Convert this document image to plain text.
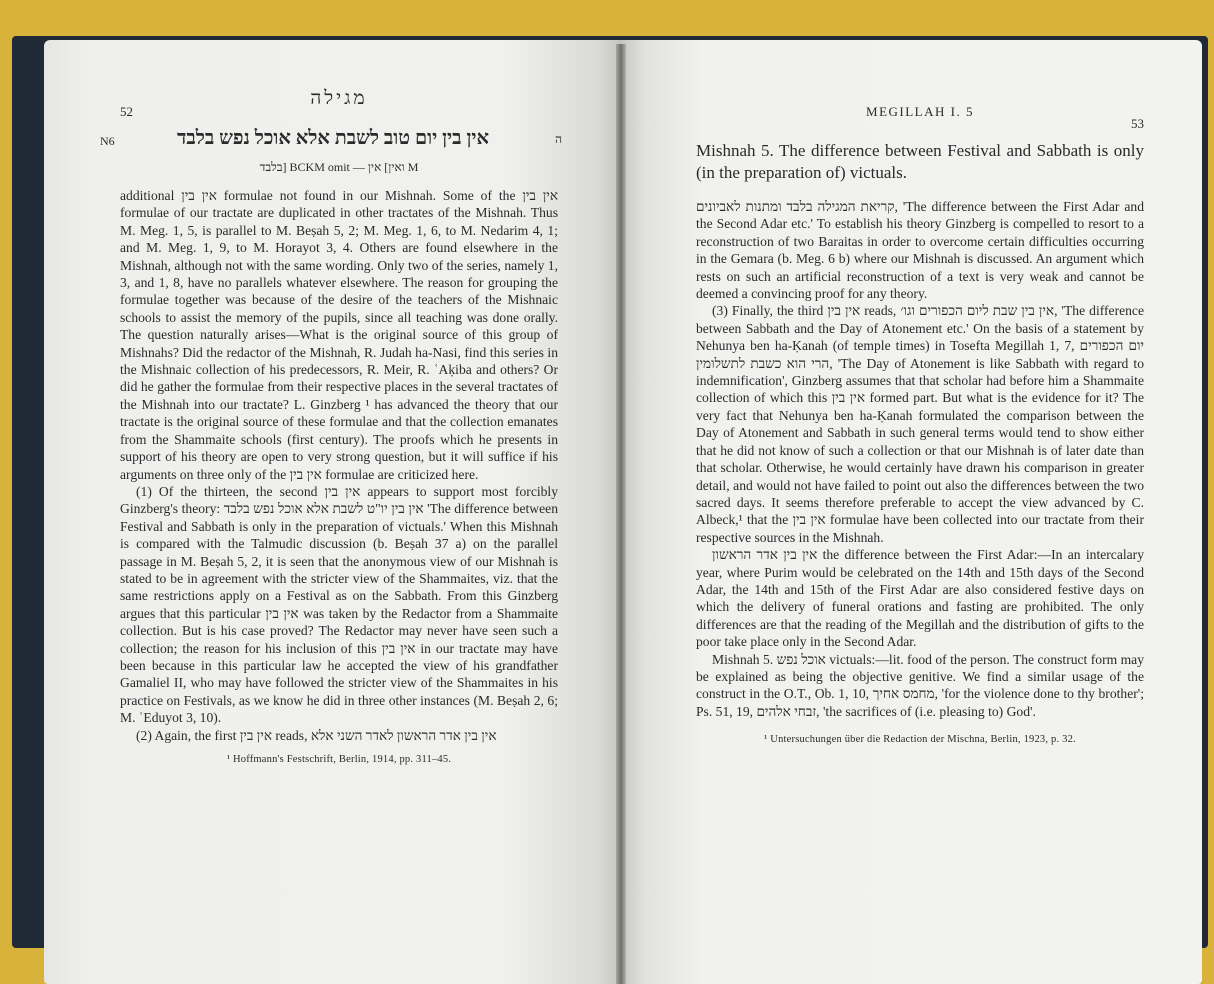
52
מגילה
N6	אין בין יום טוב לשבת אלא אוכל נפש בלבד	ה
M ואין] אין — BCKM omit [בלבד

additional אין בין formulae not found in our Mishnah. Some of the אין בין formulae of our tractate are duplicated in other tractates of the Mishnah. Thus M. Meg. 1, 5, is parallel to M. Beṣah 5, 2; M. Meg. 1, 6, to M. Nedarim 4, 1; and M. Meg. 1, 9, to M. Horayot 3, 4. Others are found elsewhere in the Mishnah, although not with the same wording. Only two of the series, namely 1, 3, and 1, 8, have no parallels whatever elsewhere. The reason for grouping the formulae together was because of the desire of the teachers of the Mishnaic schools to assist the memory of the pupils, since all teaching was done orally. The question naturally arises—What is the original source of this group of Mishnahs? Did the redactor of the Mishnah, R. Judah ha-Nasi, find this series in the Mishnaic collection of his predecessors, R. Meir, R. ʿAḳiba and others? Or did he gather the formulae from their respective places in the several tractates of the Mishnah into our tractate? L. Ginzberg ¹ has advanced the theory that our tractate is the original source of these formulae and that the collection emanates from the Shammaite schools (first century). The proofs which he presents in support of his theory are open to very strong question, but it will suffice if his arguments on three only of the אין בין formulae are criticized here.

(1) Of the thirteen, the second אין בין appears to support most forcibly Ginzberg's theory: אין בין יו"ט לשבת אלא אוכל נפש בלבד 'The difference between Festival and Sabbath is only in the preparation of victuals.' When this Mishnah is compared with the Talmudic discussion (b. Beṣah 37 a) on the parallel passage in M. Beṣah 5, 2, it is seen that the anonymous view of our Mishnah is stated to be in agreement with the stricter view of the Shammaites, viz. that the same restrictions apply on a Festival as on the Sabbath. From this Ginzberg argues that this particular אין בין was taken by the Redactor from a Shammaite collection. But is his case proved? The Redactor may never have seen such a collection; the reason for his inclusion of this אין בין in our tractate may have been because in this particular law he accepted the view of his grandfather Gamaliel II, who may have followed the stricter view of the Shammaites in his practice on Festivals, as we know he did in three other instances (M. Beṣah 2, 6; M. ʿEduyot 3, 10).

(2) Again, the first אין בין reads, אין בין אדר הראשון לאדר השני אלא

¹ Hoffmann's Festschrift, Berlin, 1914, pp. 311–45.
MEGILLAH I. 5
53
Mishnah 5. The difference between Festival and Sabbath is only (in the preparation of) victuals.

קריאת המגילה בלבד ומתנות לאביונים, 'The difference between the First Adar and the Second Adar etc.' To establish his theory Ginzberg is compelled to resort to a reconstruction of two Baraitas in order to overcome certain difficulties occurring in the Gemara (b. Meg. 6 b) where our Mishnah is discussed. An argument which rests on such an artificial reconstruction of a text is very weak and cannot be deemed a convincing proof for any theory.

(3) Finally, the third אין בין reads, אין בין שבת ליום הכפורים וגו׳, 'The difference between Sabbath and the Day of Atonement etc.' On the basis of a statement by Nehunya ben ha-Ḳanah (of temple times) in Tosefta Megillah 1, 7, יום הכפורים הרי הוא כשבת לתשלומין, 'The Day of Atonement is like Sabbath with regard to indemnification', Ginzberg assumes that that scholar had before him a Shammaite collection of which this אין בין formed part. But what is the evidence for it? The very fact that Nehunya ben ha-Ḳanah formulated the comparison between the Day of Atonement and Sabbath in such general terms would tend to show either that he did not know of such a collection or that our Mishnah is of later date than that scholar. Otherwise, he would certainly have drawn his comparison in greater detail, and would not have failed to point out also the differences between the two sacred days. It seems therefore preferable to accept the view advanced by C. Albeck,¹ that the אין בין formulae have been collected into our tractate from their respective sources in the Mishnah.

אין בין אדר הראשון the difference between the First Adar:—In an intercalary year, where Purim would be celebrated on the 14th and 15th days of the Second Adar, the 14th and 15th of the First Adar are also considered festive days on which the delivery of funeral orations and fasting are prohibited. The only differences are that the reading of the Megillah and the distribution of gifts to the poor take place only in the Second Adar.

Mishnah 5. אוכל נפש victuals:—lit. food of the person. The construct form may be explained as being the objective genitive. We find a similar usage of the construct in the O.T., Ob. 1, 10, מחמס אחיך, 'for the violence done to thy brother'; Ps. 51, 19, זבחי אלהים, 'the sacrifices of (i.e. pleasing to) God'.

¹ Untersuchungen über die Redaction der Mischna, Berlin, 1923, p. 32.
